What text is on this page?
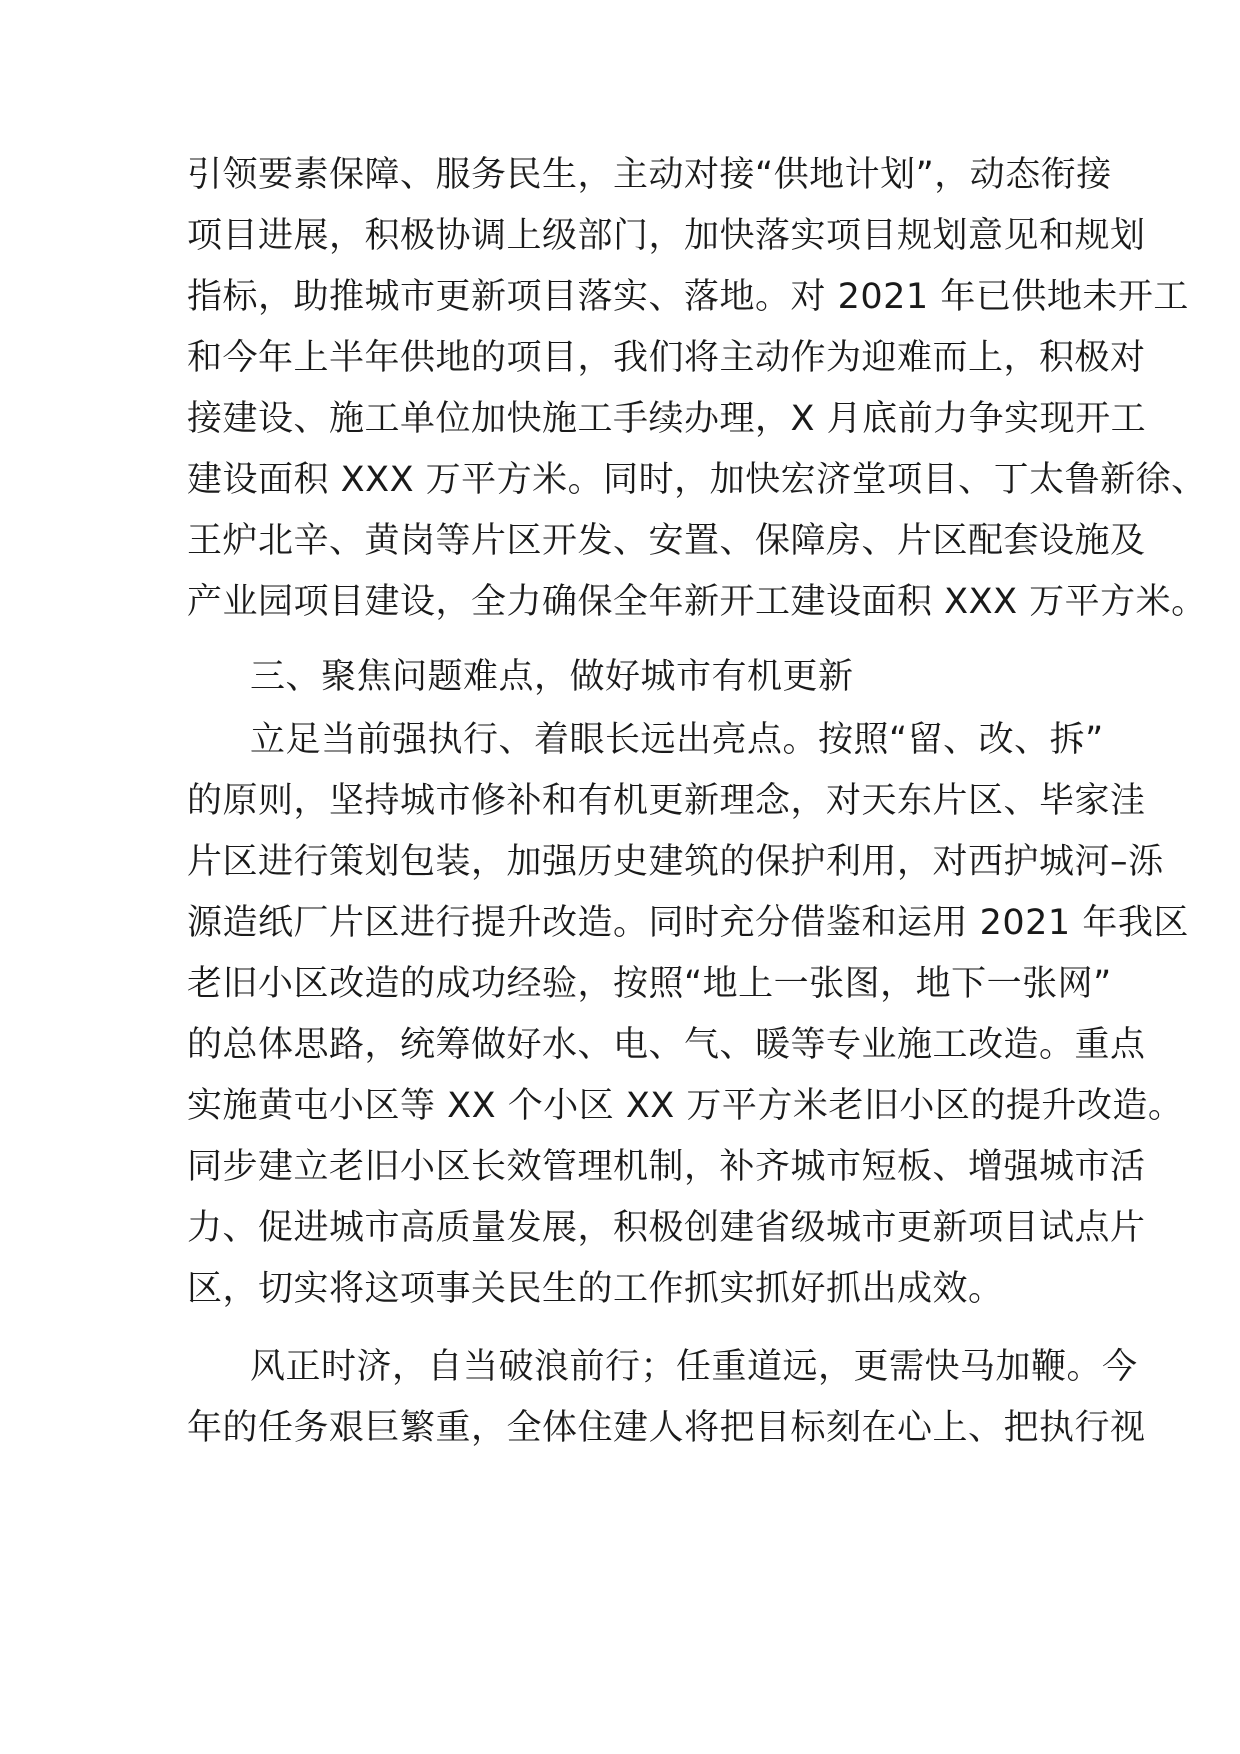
引领要素保障、服务民生，主动对接“供地计划”，动态衔接
项目进展，积极协调上级部门，加快落实项目规划意见和规划
指标，助推城市更新项目落实、落地。对 2021 年已供地未开工
和今年上半年供地的项目，我们将主动作为迎难而上，积极对
接建设、施工单位加快施工手续办理，X 月底前力争实现开工
建设面积 XXX 万平方米。同时，加快宏济堂项目、丁太鲁新徐、
王炉北辛、黄岗等片区开发、安置、保障房、片区配套设施及
产业园项目建设，全力确保全年新开工建设面积 XXX 万平方米。
三、聚焦问题难点，做好城市有机更新
立足当前强执行、着眼长远出亮点。按照“留、改、拆”
的原则，坚持城市修补和有机更新理念，对天东片区、毕家洼
片区进行策划包装，加强历史建筑的保护利用，对西护城河–泺
源造纸厂片区进行提升改造。同时充分借鉴和运用 2021 年我区
老旧小区改造的成功经验，按照“地上一张图，地下一张网”
的总体思路，统筹做好水、电、气、暖等专业施工改造。重点
实施黄屯小区等 XX 个小区 XX 万平方米老旧小区的提升改造。
同步建立老旧小区长效管理机制，补齐城市短板、增强城市活
力、促进城市高质量发展，积极创建省级城市更新项目试点片
区，切实将这项事关民生的工作抓实抓好抓出成效。
风正时济，自当破浪前行；任重道远，更需快马加鞭。今
年的任务艰巨繁重，全体住建人将把目标刻在心上、把执行视
